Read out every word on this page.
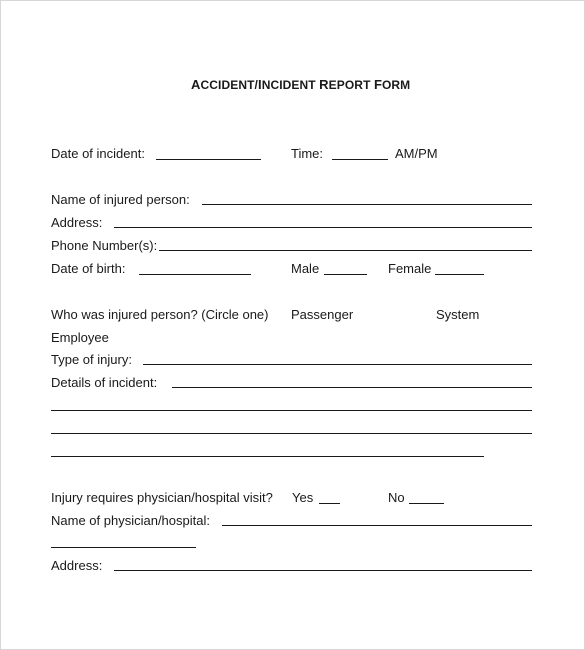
ACCIDENT/INCIDENT REPORT FORM
Date of incident:	Time:	AM/PM
Name of injured person:
Address:
Phone Number(s):
Date of birth:	Male	Female
Who was injured person? (Circle one) Passenger	System
Employee
Type of injury:
Details of incident:
Injury requires physician/hospital visit? Yes	No
Name of physician/hospital:
Address:
